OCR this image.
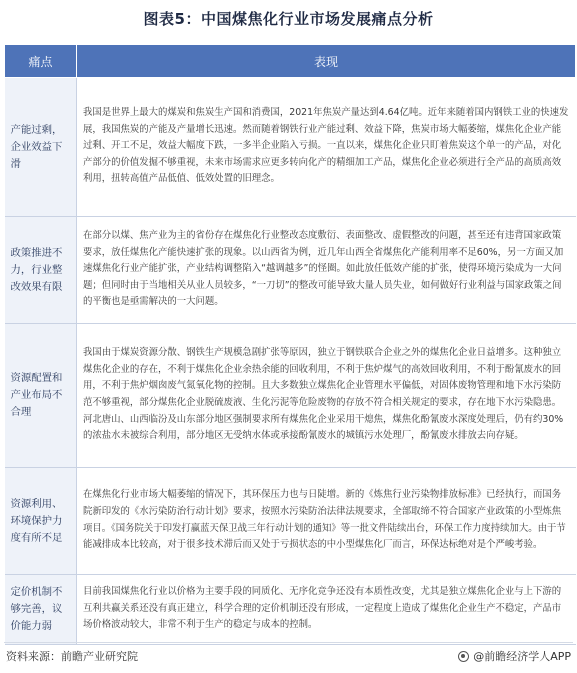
图表5：中国煤焦化行业市场发展痛点分析
痛点	表现
产能过剩，企业效益下滑	我国是世界上最大的煤炭和焦炭生产国和消费国，2021年焦炭产量达到4.64亿吨。近年来随着国内钢铁工业的快速发展，我国焦炭的产能及产量增长迅速。然而随着钢铁行业产能过剩、效益下降，焦炭市场大幅萎缩，煤焦化企业产能过剩、开工不足，效益大幅度下跌，一多半企业陷入亏损。一直以来，煤焦化企业只盯着焦炭这个单一的产品，对化产部分的价值发掘不够重视，未来市场需求应更多转向化产的精细加工产品，煤焦化企业必须进行全产品的高质高效利用，扭转高值产品低值、低效处置的旧理念。
政策推进不力，行业整改效果有限	在部分以煤、焦产业为主的省份存在煤焦化行业整改态度敷衍、表面整改、虚假整改的问题，甚至还有违背国家政策要求，放任煤焦化产能快速扩张的现象。以山西省为例，近几年山西全省煤焦化产能利用率不足60%，另一方面又加速煤焦化行业产能扩张，产业结构调整陷入“越调越多”的怪圈。如此放任低效产能的扩张，使得环境污染成为一大问题；但同时由于当地相关从业人员较多，“一刀切”的整改可能导致大量人员失业，如何做好行业利益与国家政策之间的平衡也是亟需解决的一大问题。
资源配置和产业布局不合理	我国由于煤炭资源分散、钢铁生产规模急剧扩张等原因，独立于钢铁联合企业之外的煤焦化企业日益增多。这种独立煤焦化企业的存在，不利于煤焦化企业余热余能的回收利用，不利于焦炉煤气的高效回收利用，不利于酚氰废水的回用，不利于焦炉烟囱废气氮氧化物的控制。且大多数独立煤焦化企业管理水平偏低，对固体废物管理和地下水污染防范不够重视，部分煤焦化企业脱硫废液、生化污泥等危险废物的存放不符合相关规定的要求，存在地下水污染隐患。河北唐山、山西临汾及山东部分地区强制要求所有煤焦化企业采用干熄焦，煤焦化酚氰废水深度处理后，仍有约30%的浓盐水未被综合利用，部分地区无受纳水体或承接酚氰废水的城镇污水处理厂，酚氰废水排放去向存疑。
资源利用、环境保护力度有所不足	在煤焦化行业市场大幅萎缩的情况下，其环保压力也与日陡增。新的《炼焦行业污染物排放标准》已经执行，而国务院新印发的《水污染防治行动计划》要求，按照水污染防治法律法规要求，全部取缔不符合国家产业政策的小型炼焦项目。《国务院关于印发打赢蓝天保卫战三年行动计划的通知》等一批文件陆续出台，环保工作力度持续加大。由于节能减排成本比较高，对于很多技术滞后而又处于亏损状态的中小型煤焦化厂而言，环保达标绝对是个严峻考验。
定价机制不够完善，议价能力弱	目前我国煤焦化行业以价格为主要手段的同质化、无序化竞争还没有本质性改变，尤其是独立煤焦化企业与上下游的互利共赢关系还没有真正建立，科学合理的定价机制还没有形成，一定程度上造成了煤焦化企业生产不稳定，产品市场价格波动较大，非常不利于生产的稳定与成本的控制。
资料来源：前瞻产业研究院	@前瞻经济学人APP
